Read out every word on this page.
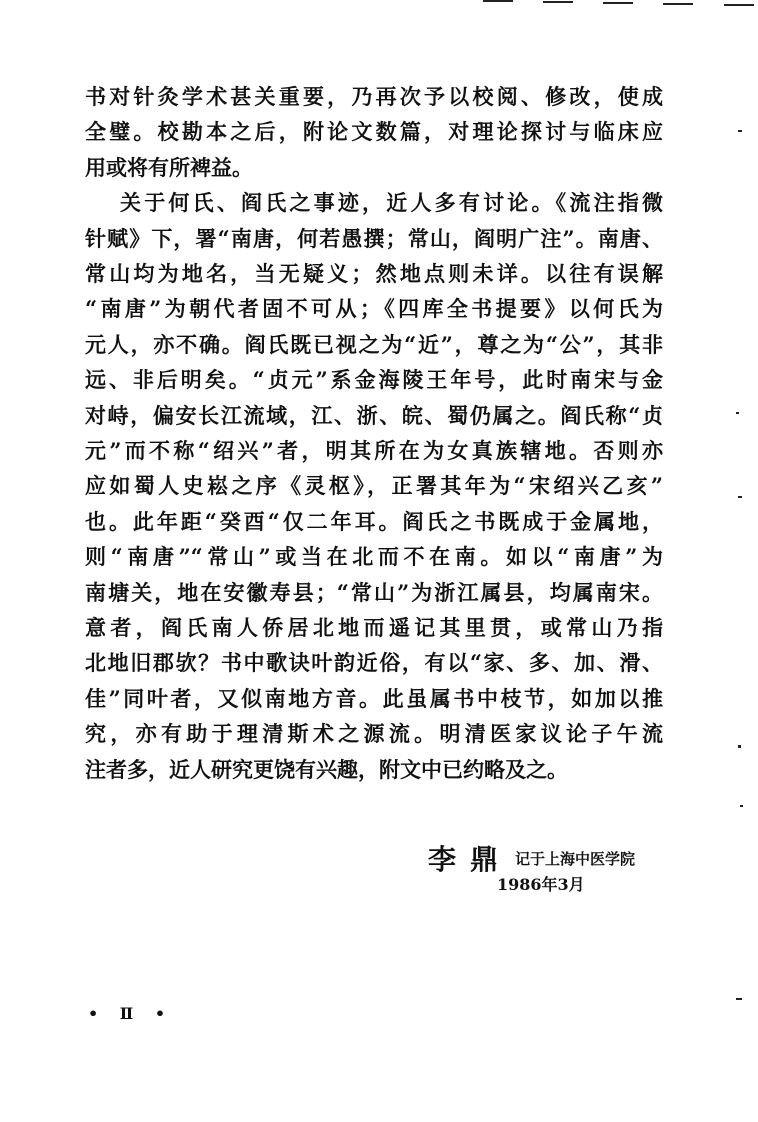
书对针灸学术甚关重要，乃再次予以校阅、修改，使成
全璧。校勘本之后，附论文数篇，对理论探讨与临床应
用或将有所裨益。
关于何氏、阎氏之事迹，近人多有讨论。《流注指微
针赋》下，署“南唐，何若愚撰；常山，阎明广注”。南唐、
常山均为地名，当无疑义；然地点则未详。以往有误解
“南唐”为朝代者固不可从；《四库全书提要》以何氏为
元人，亦不确。阎氏既已视之为“近”，尊之为“公”，其非
远、非后明矣。“贞元”系金海陵王年号，此时南宋与金
对峙，偏安长江流域，江、浙、皖、蜀仍属之。阎氏称“贞
元”而不称“绍兴”者，明其所在为女真族辖地。否则亦
应如蜀人史崧之序《灵枢》，正署其年为“宋绍兴乙亥”
也。此年距“癸酉“仅二年耳。阎氏之书既成于金属地，
则“南唐”“常山”或当在北而不在南。如以“南唐”为
南塘关，地在安徽寿县；“常山”为浙江属县，均属南宋。
意者，阎氏南人侨居北地而遥记其里贯，或常山乃指
北地旧郡欤？书中歌诀叶韵近俗，有以“家、多、加、滑、
佳”同叶者，又似南地方音。此虽属书中枝节，如加以推
究，亦有助于理清斯术之源流。明清医家议论子午流
注者多，近人研究更饶有兴趣，附文中已约略及之。
李鼎 记于上海中医学院
1986年3月
• Ⅱ •
